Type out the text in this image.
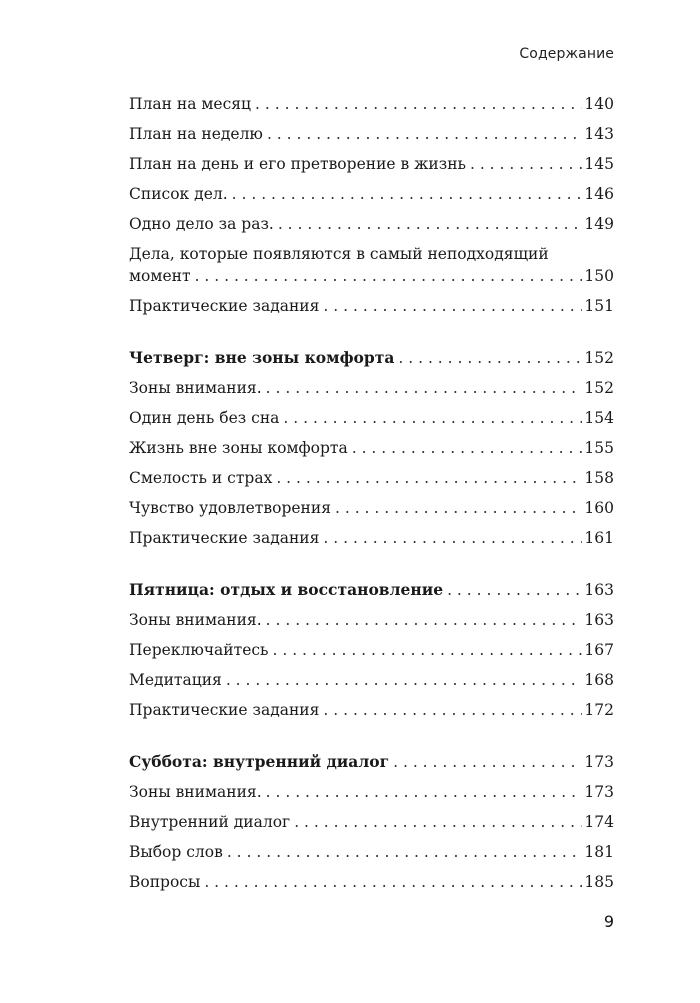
Содержание
План на месяц . . .	140
План на неделю . . .	143
План на день и его претворение в жизнь . . .	145
Список дел. . . .	146
Одно дело за раз. . . .	149
Дела, которые появляются в самый неподходящий
момент . . .	150
Практические задания . . .	151
Четверг: вне зоны комфорта . . .	152
Зоны внимания. . . .	152
Один день без сна . . .	154
Жизнь вне зоны комфорта . . .	155
Смелость и страх . . .	158
Чувство удовлетворения . . .	160
Практические задания . . .	161
Пятница: отдых и восстановление . . .	163
Зоны внимания. . . .	163
Переключайтесь . . .	167
Медитация . . .	168
Практические задания . . .	172
Суббота: внутренний диалог . . .	173
Зоны внимания. . . .	173
Внутренний диалог . . .	174
Выбор слов . . .	181
Вопросы . . .	185
9
